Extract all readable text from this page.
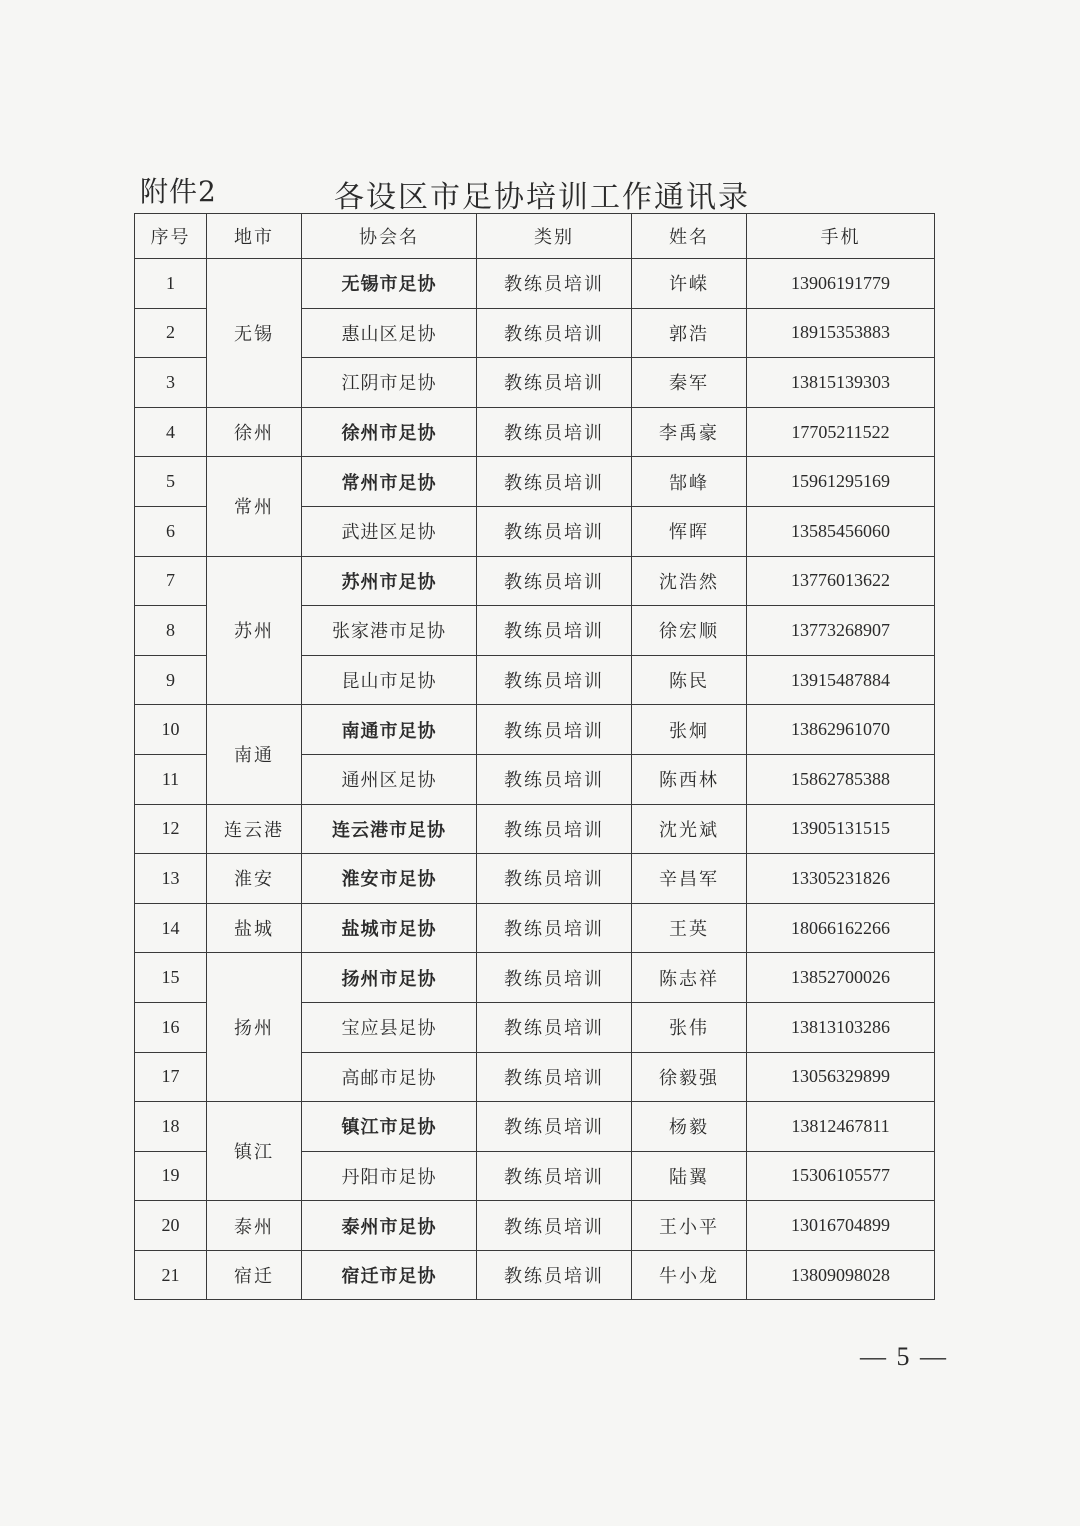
附件2	各设区市足协培训工作通讯录
序号	地市	协会名	类别	姓名	手机
1	无锡	无锡市足协	教练员培训	许嵘	13906191779
2		惠山区足协	教练员培训	郭浩	18915353883
3		江阴市足协	教练员培训	秦军	13815139303
4	徐州	徐州市足协	教练员培训	李禹豪	17705211522
5	常州	常州市足协	教练员培训	郜峰	15961295169
6		武进区足协	教练员培训	恽晖	13585456060
7	苏州	苏州市足协	教练员培训	沈浩然	13776013622
8		张家港市足协	教练员培训	徐宏顺	13773268907
9		昆山市足协	教练员培训	陈民	13915487884
10	南通	南通市足协	教练员培训	张炯	13862961070
11		通州区足协	教练员培训	陈西林	15862785388
12	连云港	连云港市足协	教练员培训	沈光斌	13905131515
13	淮安	淮安市足协	教练员培训	辛昌军	13305231826
14	盐城	盐城市足协	教练员培训	王英	18066162266
15	扬州	扬州市足协	教练员培训	陈志祥	13852700026
16		宝应县足协	教练员培训	张伟	13813103286
17		高邮市足协	教练员培训	徐毅强	13056329899
18	镇江	镇江市足协	教练员培训	杨毅	13812467811
19		丹阳市足协	教练员培训	陆翼	15306105577
20	泰州	泰州市足协	教练员培训	王小平	13016704899
21	宿迁	宿迁市足协	教练员培训	牛小龙	13809098028
— 5 —
